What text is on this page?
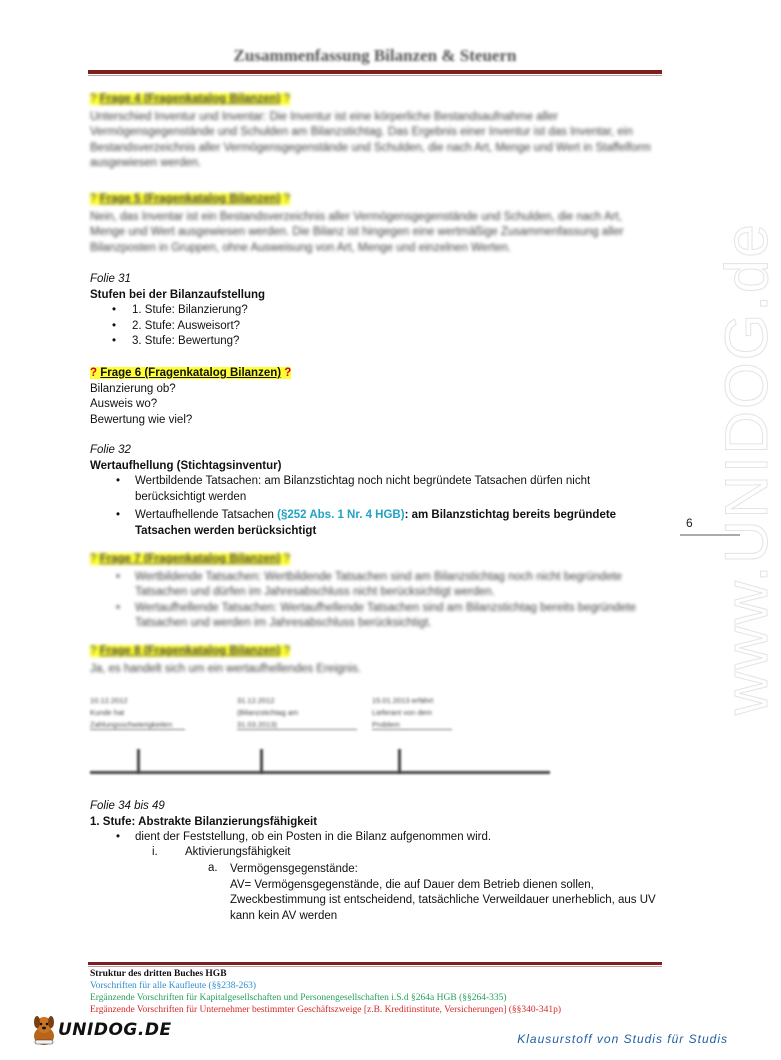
Zusammenfassung Bilanzen & Steuern
? Frage 4 (Fragenkatalog Bilanzen) ?
Unterschied Inventur und Inventar: Die Inventur ist eine körperliche Bestandsaufnahme aller Vermögensgegenstände und Schulden am Bilanzstichtag. Das Ergebnis einer Inventur ist das Inventar, ein Bestandsverzeichnis aller Vermögensgegenstände und Schulden, die nach Art, Menge und Wert in Staffelform ausgewiesen werden.
? Frage 5 (Fragenkatalog Bilanzen) ?
Nein, das Inventar ist ein Bestandsverzeichnis aller Vermögensgegenstände und Schulden, die nach Art, Menge und Wert ausgewiesen werden. Die Bilanz ist hingegen eine wertmäßige Zusammenfassung aller Bilanzposten in Gruppen, ohne Ausweisung von Art, Menge und einzelnen Werten.
Folie 31
Stufen bei der Bilanzaufstellung
• 1. Stufe: Bilanzierung?
• 2. Stufe: Ausweisort?
• 3. Stufe: Bewertung?
? Frage 6 (Fragenkatalog Bilanzen) ?
Bilanzierung ob?
Ausweis wo?
Bewertung wie viel?
Folie 32
Wertaufhellung (Stichtagsinventur)
• Wertbildende Tatsachen: am Bilanzstichtag noch nicht begründete Tatsachen dürfen nicht berücksichtigt werden
• Wertaufhellende Tatsachen (§252 Abs. 1 Nr. 4 HGB): am Bilanzstichtag bereits begründete Tatsachen werden berücksichtigt
? Frage 7 (Fragenkatalog Bilanzen) ?
• Wertbildende Tatsachen: Wertbildende Tatsachen sind am Bilanzstichtag noch nicht begründete Tatsachen und dürfen im Jahresabschluss nicht berücksichtigt werden.
• Wertaufhellende Tatsachen: Wertaufhellende Tatsachen sind am Bilanzstichtag bereits begründete Tatsachen und werden im Jahresabschluss berücksichtigt.
? Frage 8 (Fragenkatalog Bilanzen) ?
Ja, es handelt sich um ein wertaufhellendes Ereignis.
10.12.2012
Kunde hat
Zahlungsschwierigkeiten
31.12.2012
(Bilanzstichtag am
31.03.2013)
15.01.2013 erfährt
Lieferant von dem
Problem
Folie 34 bis 49
1. Stufe: Abstrakte Bilanzierungsfähigkeit
• dient der Feststellung, ob ein Posten in die Bilanz aufgenommen wird.
i. Aktivierungsfähigkeit
a. Vermögensgegenstände:
AV= Vermögensgegenstände, die auf Dauer dem Betrieb dienen sollen,
Zweckbestimmung ist entscheidend, tatsächliche Verweildauer unerheblich, aus UV
kann kein AV werden
6 www.UNIDOG.de
Struktur des dritten Buches HGB
Vorschriften für alle Kaufleute (§§238-263)
Ergänzende Vorschriften für Kapitalgesellschaften und Personengesellschaften i.S.d §264a HGB (§§264-335)
Ergänzende Vorschriften für Unternehmer bestimmter Geschäftszweige [z.B. Kreditinstitute, Versicherungen] (§§340-341p)
UNIDOG.DE	Klausurstoff von Studis für Studis
